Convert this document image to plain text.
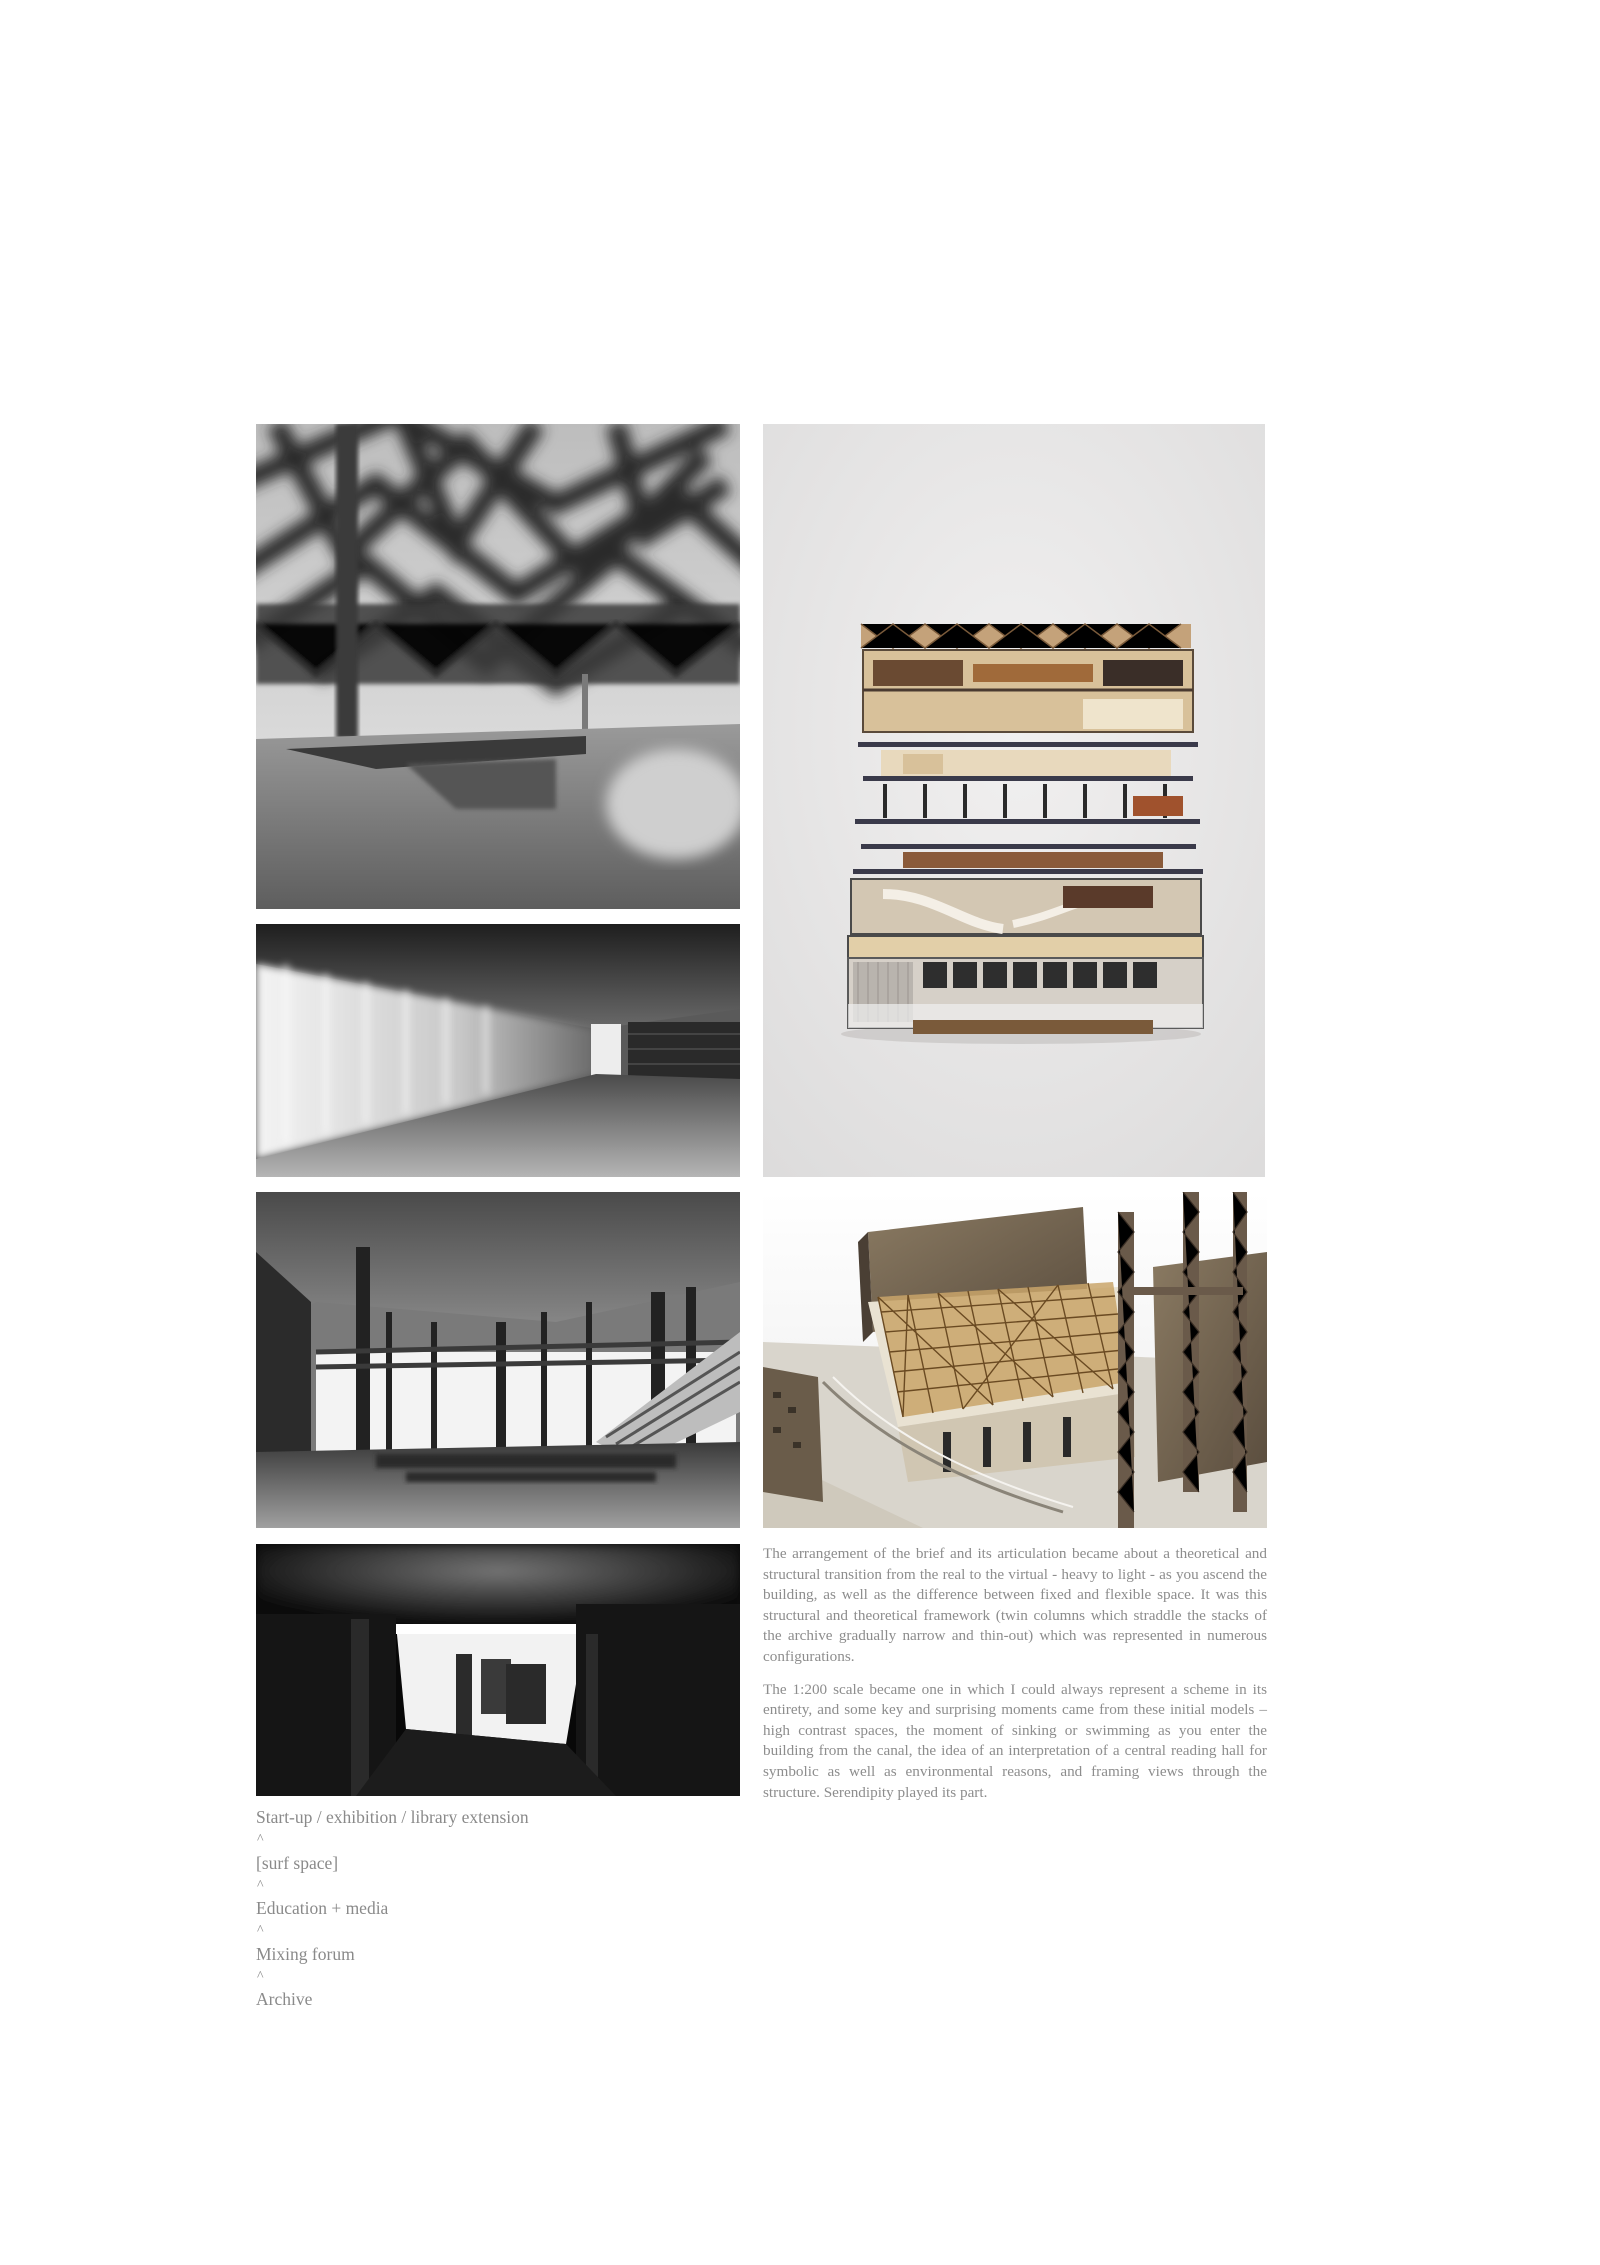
The arrangement of the brief and its articulation became about a theoretical and structural transition from the real to the virtual - heavy to light - as you ascend the building, as well as the difference between fixed and flexible space. It was this structural and theoretical framework (twin columns which straddle the stacks of the archive gradually narrow and thin-out) which was represented in numerous configurations.

The 1:200 scale became one in which I could always represent a scheme in its entirety, and some key and surprising moments came from these initial models – high contrast spaces, the moment of sinking or swimming as you enter the building from the canal, the idea of an interpretation of a central reading hall for symbolic as well as environmental reasons, and framing views through the structure. Serendipity played its part.

Start-up / exhibition / library extension
^
[surf space]
^
Education + media
^
Mixing forum
^
Archive
